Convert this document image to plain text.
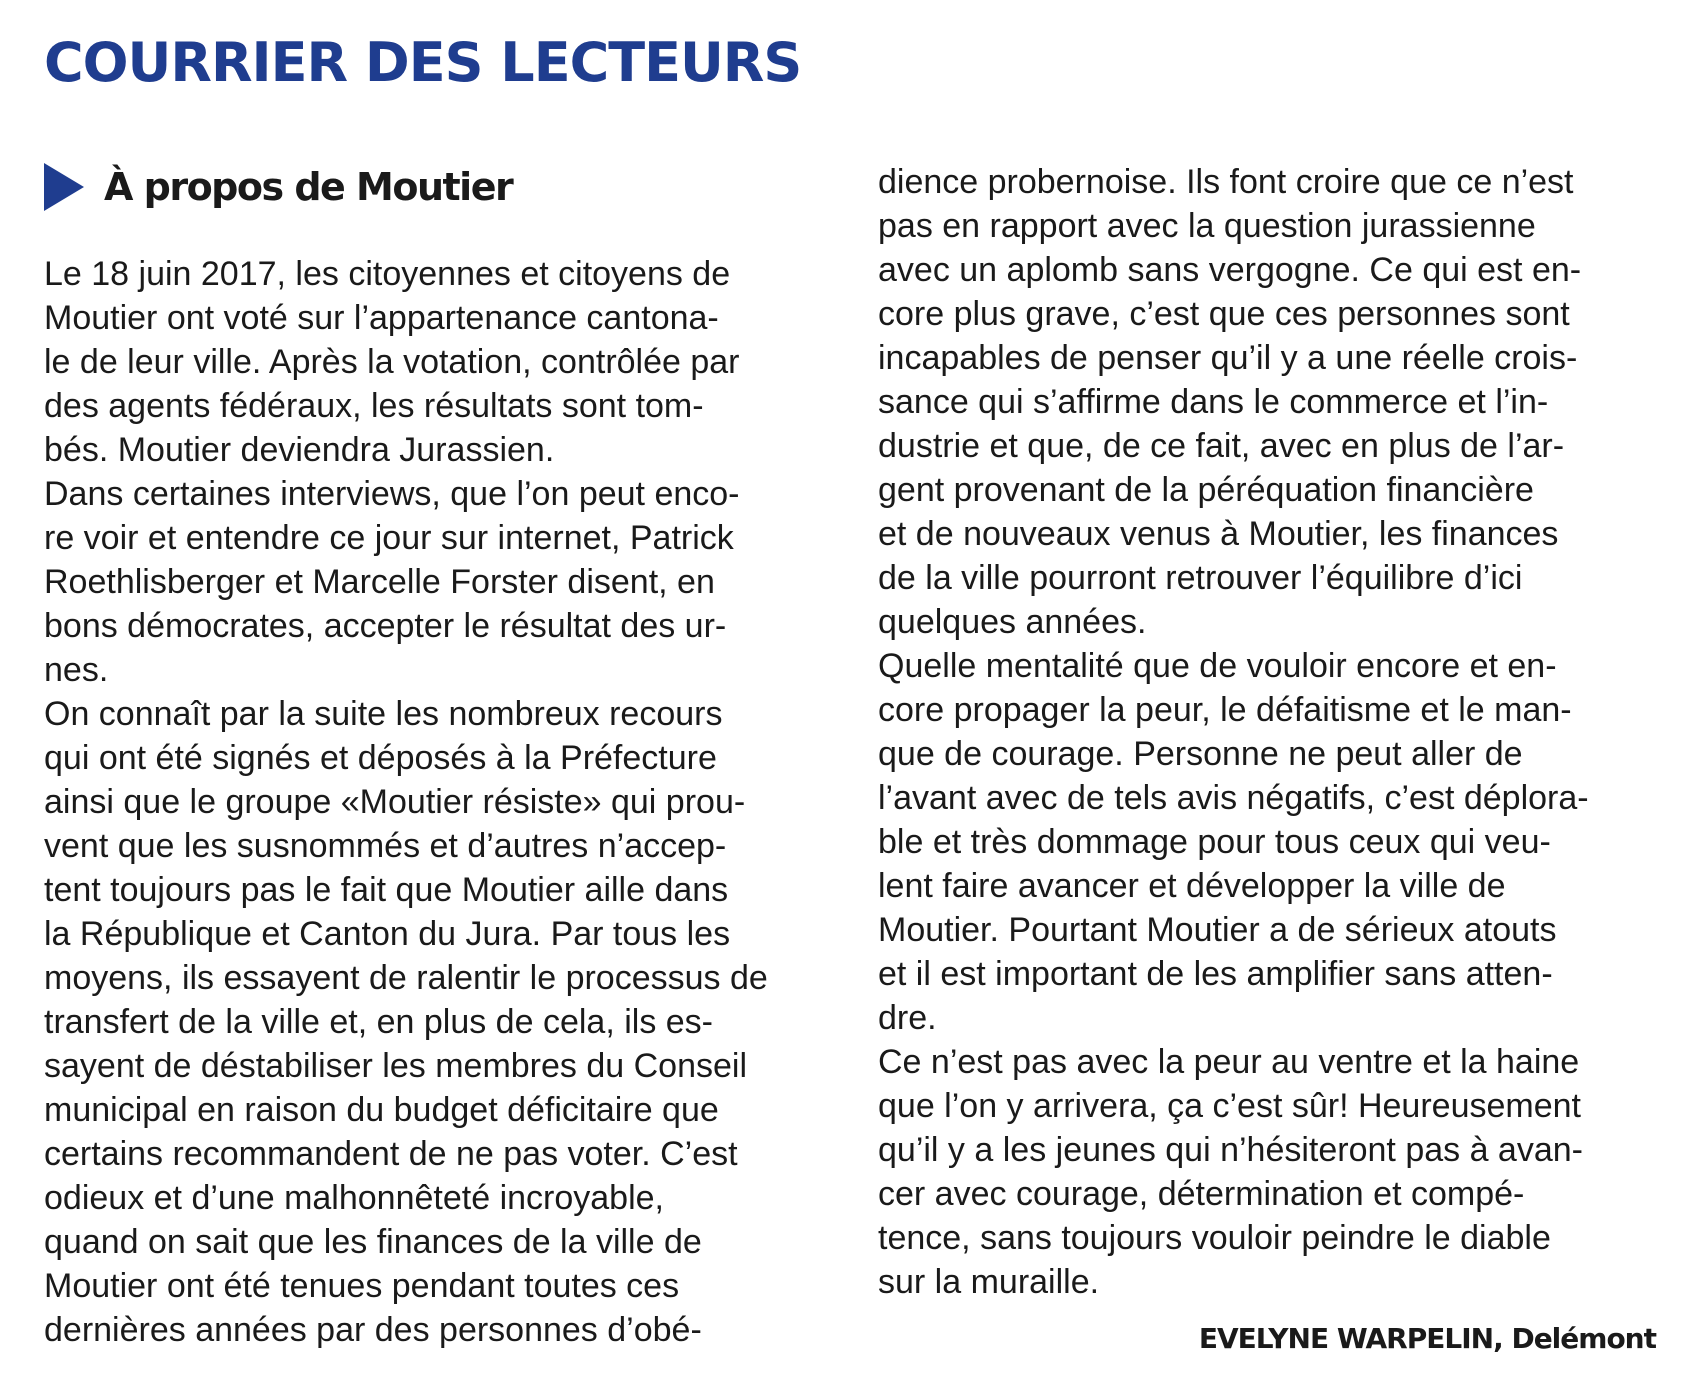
COURRIER DES LECTEURS
À propos de Moutier
Le 18 juin 2017, les citoyennes et citoyens de
Moutier ont voté sur l’appartenance cantona-
le de leur ville. Après la votation, contrôlée par
des agents fédéraux, les résultats sont tom-
bés. Moutier deviendra Jurassien.
Dans certaines interviews, que l’on peut enco-
re voir et entendre ce jour sur internet, Patrick
Roethlisberger et Marcelle Forster disent, en
bons démocrates, accepter le résultat des ur-
nes.
On connaît par la suite les nombreux recours
qui ont été signés et déposés à la Préfecture
ainsi que le groupe «Moutier résiste» qui prou-
vent que les susnommés et d’autres n’accep-
tent toujours pas le fait que Moutier aille dans
la République et Canton du Jura. Par tous les
moyens, ils essayent de ralentir le processus de
transfert de la ville et, en plus de cela, ils es-
sayent de déstabiliser les membres du Conseil
municipal en raison du budget déficitaire que
certains recommandent de ne pas voter. C’est
odieux et d’une malhonnêteté incroyable,
quand on sait que les finances de la ville de
Moutier ont été tenues pendant toutes ces
dernières années par des personnes d’obé-
dience probernoise. Ils font croire que ce n’est
pas en rapport avec la question jurassienne
avec un aplomb sans vergogne. Ce qui est en-
core plus grave, c’est que ces personnes sont
incapables de penser qu’il y a une réelle crois-
sance qui s’affirme dans le commerce et l’in-
dustrie et que, de ce fait, avec en plus de l’ar-
gent provenant de la péréquation financière
et de nouveaux venus à Moutier, les finances
de la ville pourront retrouver l’équilibre d’ici
quelques années.
Quelle mentalité que de vouloir encore et en-
core propager la peur, le défaitisme et le man-
que de courage. Personne ne peut aller de
l’avant avec de tels avis négatifs, c’est déplora-
ble et très dommage pour tous ceux qui veu-
lent faire avancer et développer la ville de
Moutier. Pourtant Moutier a de sérieux atouts
et il est important de les amplifier sans atten-
dre.
Ce n’est pas avec la peur au ventre et la haine
que l’on y arrivera, ça c’est sûr! Heureusement
qu’il y a les jeunes qui n’hésiteront pas à avan-
cer avec courage, détermination et compé-
tence, sans toujours vouloir peindre le diable
sur la muraille.

EVELYNE WARPELIN, Delémont
